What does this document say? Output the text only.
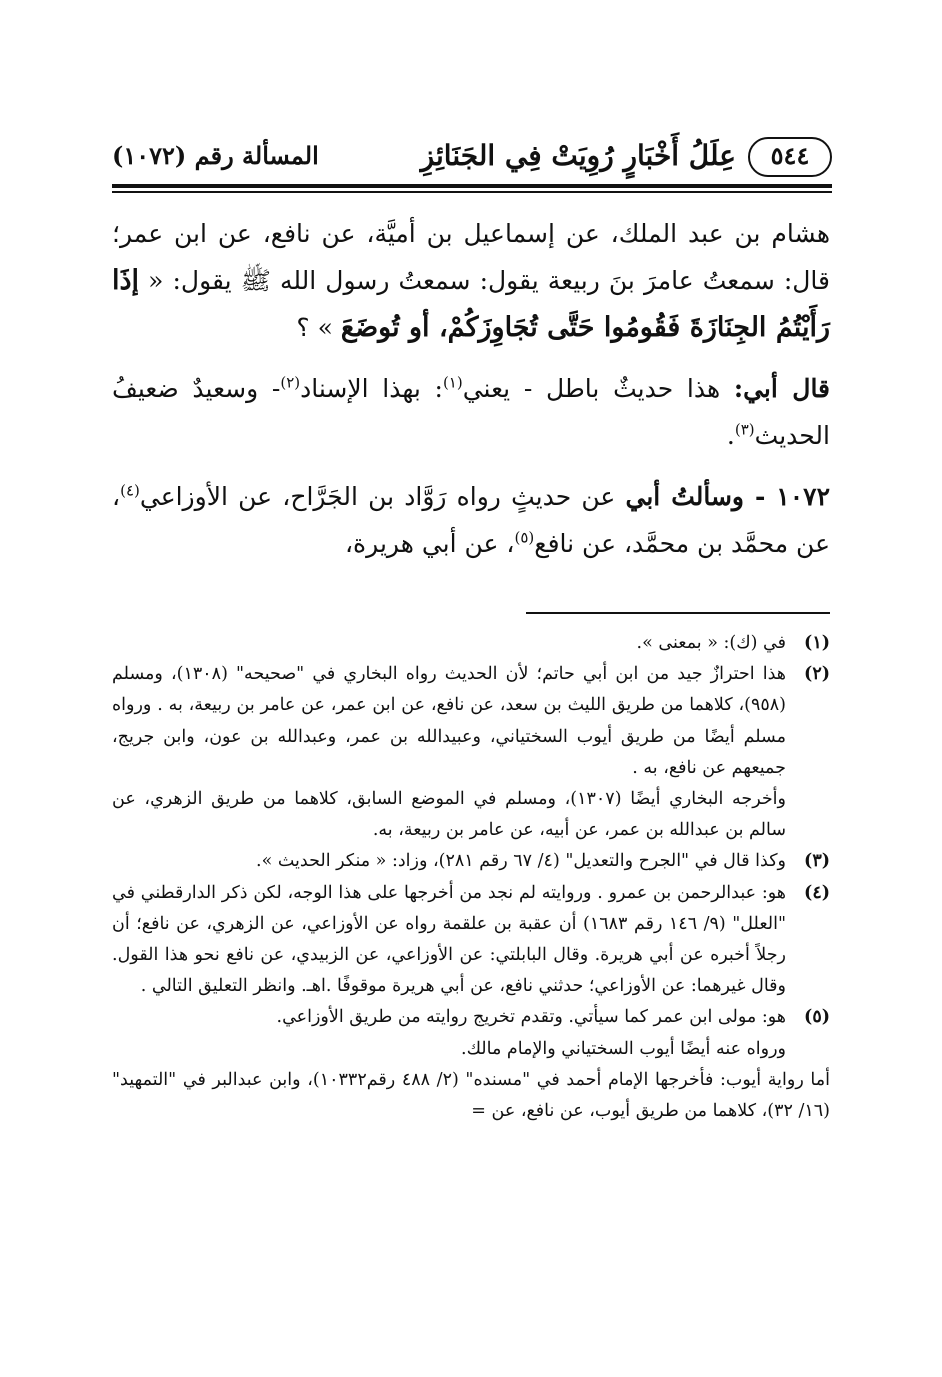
٥٤٤
عِلَلُ أَخْبَارٍ رُوِيَتْ فِي الجَنَائِزِ
المسألة رقم (١٠٧٢)

هشام بن عبد الملك، عن إسماعيل بن أميَّة، عن نافع، عن ابن عمر؛ قال: سمعتُ عامرَ بنَ ربيعة يقول: سمعتُ رسول الله ﷺ يقول: « إذَا رَأَيْتُمُ الجِنَازَةَ فَقُومُوا حَتَّى تُجَاوِزَكُمْ، أو تُوضَعَ » ؟

قال أبي: هذا حديثٌ باطل - يعني$^{(١)}$: بهذا الإسناد$^{(٢)}$- وسعيدٌ ضعيفُ الحديث$^{(٣)}$.

١٠٧٢ - وسألتُ أبي عن حديثٍ رواه رَوَّاد بن الجَرَّاح، عن الأوزاعي$^{(٤)}$، عن محمَّد بن محمَّد، عن نافع$^{(٥)}$، عن أبي هريرة،

(١)

في (ك): « بمعنى ».

(٢)

هذا احترازٌ جيد من ابن أبي حاتم؛ لأن الحديث رواه البخاري في "صحيحه" (١٣٠٨)، ومسلم (٩٥٨)، كلاهما من طريق الليث بن سعد، عن نافع، عن ابن عمر، عن عامر بن ربيعة، به . ورواه مسلم أيضًا من طريق أيوب السختياني، وعبيدالله بن عمر، وعبدالله بن عون، وابن جريج، جميعهم عن نافع، به .

وأخرجه البخاري أيضًا (١٣٠٧)، ومسلم في الموضع السابق، كلاهما من طريق الزهري، عن سالم بن عبدالله بن عمر، عن أبيه، عن عامر بن ربيعة، به.

(٣)

وكذا قال في "الجرح والتعديل" (٤/ ٦٧ رقم ٢٨١)، وزاد: « منكر الحديث ».

(٤)

هو: عبدالرحمن بن عمرو . وروايته لم نجد من أخرجها على هذا الوجه، لكن ذكر الدارقطني في "العلل" (٩/ ١٤٦ رقم ١٦٨٣) أن عقبة بن علقمة رواه عن الأوزاعي، عن الزهري، عن نافع؛ أن رجلاً أخبره عن أبي هريرة. وقال البابلتي: عن الأوزاعي، عن الزبيدي، عن نافع نحو هذا القول. وقال غيرهما: عن الأوزاعي؛ حدثني نافع، عن أبي هريرة موقوفًا .اهـ. وانظر التعليق التالي .

(٥)

هو: مولى ابن عمر كما سيأتي. وتقدم تخريج روايته من طريق الأوزاعي.

ورواه عنه أيضًا أيوب السختياني والإمام مالك.

أما رواية أيوب: فأخرجها الإمام أحمد في "مسنده" (٢/ ٤٨٨ رقم١٠٣٣٢)، وابن عبدالبر في "التمهيد" (١٦/ ٣٢)، كلاهما من طريق أيوب، عن نافع، عن =
